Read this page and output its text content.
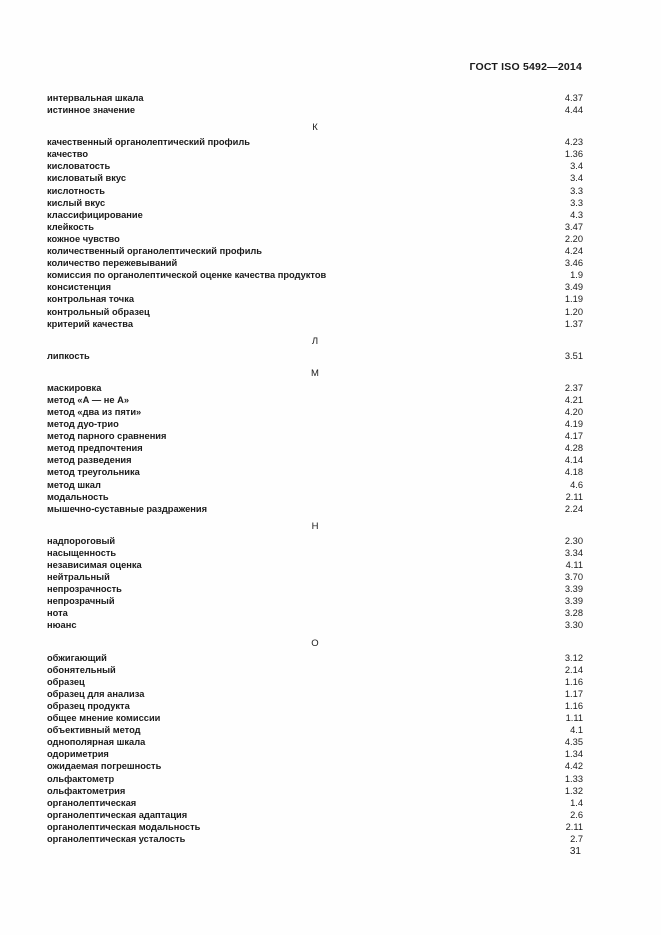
ГОСТ ISO 5492—2014
интервальная шкала	4.37
истинное значение	4.44
К
качественный органолептический профиль	4.23
качество	1.36
кисловатость	3.4
кисловатый вкус	3.4
кислотность	3.3
кислый вкус	3.3
классифицирование	4.3
клейкость	3.47
кожное чувство	2.20
количественный органолептический профиль	4.24
количество пережевываний	3.46
комиссия по органолептической оценке качества продуктов	1.9
консистенция	3.49
контрольная точка	1.19
контрольный образец	1.20
критерий качества	1.37
Л
липкость	3.51
М
маскировка	2.37
метод «А — не А»	4.21
метод «два из пяти»	4.20
метод дуо-трио	4.19
метод парного сравнения	4.17
метод предпочтения	4.28
метод разведения	4.14
метод треугольника	4.18
метод шкал	4.6
модальность	2.11
мышечно-суставные раздражения	2.24
Н
надпороговый	2.30
насыщенность	3.34
независимая оценка	4.11
нейтральный	3.70
непрозрачность	3.39
непрозрачный	3.39
нота	3.28
нюанс	3.30
О
обжигающий	3.12
обонятельный	2.14
образец	1.16
образец для анализа	1.17
образец продукта	1.16
общее мнение комиссии	1.11
объективный метод	4.1
однополярная шкала	4.35
одориметрия	1.34
ожидаемая погрешность	4.42
ольфактометр	1.33
ольфактометрия	1.32
органолептическая	1.4
органолептическая адаптация	2.6
органолептическая модальность	2.11
органолептическая усталость	2.7
31
